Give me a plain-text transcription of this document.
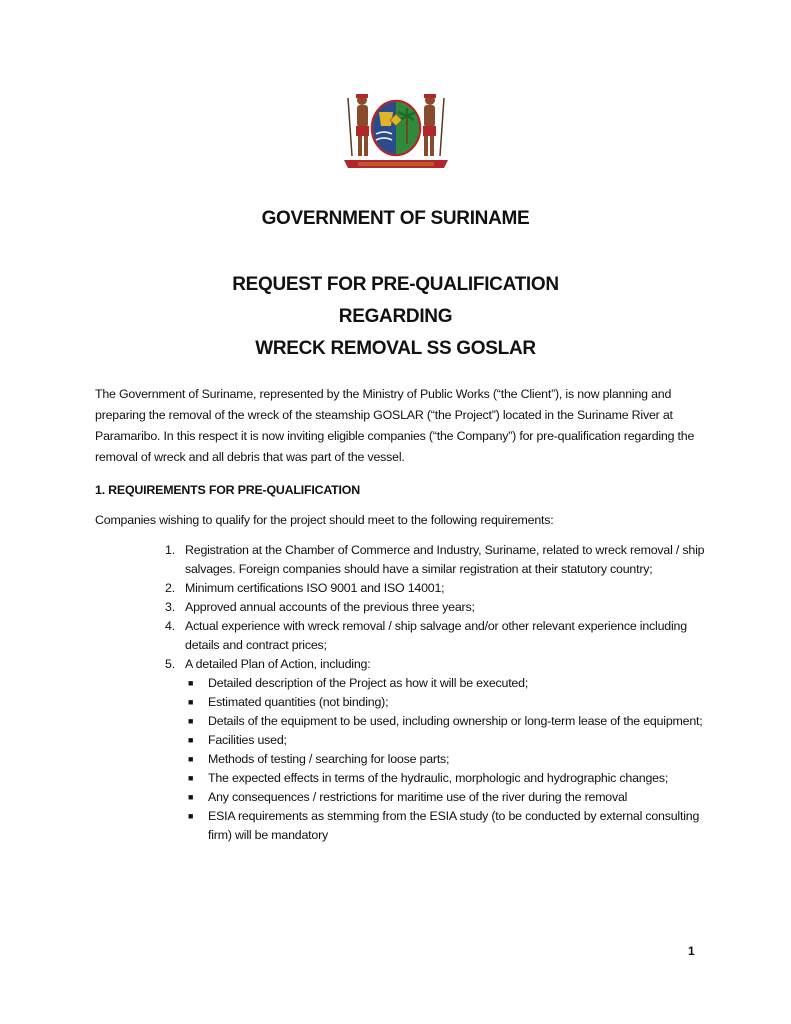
GOVERNMENT OF SURINAME
REQUEST FOR PRE-QUALIFICATION
REGARDING
WRECK REMOVAL SS GOSLAR

The Government of Suriname, represented by the Ministry of Public Works (“the Client”), is now planning and preparing the removal of the wreck of the steamship GOSLAR (“the Project”) located in the Suriname River at Paramaribo. In this respect it is now inviting eligible companies (“the Company”) for pre-qualification regarding the removal of wreck and all debris that was part of the vessel.

1. REQUIREMENTS FOR PRE-QUALIFICATION
Companies wishing to qualify for the project should meet to the following requirements:
1. Registration at the Chamber of Commerce and Industry, Suriname, related to wreck removal / ship salvages. Foreign companies should have a similar registration at their statutory country;
2. Minimum certifications ISO 9001 and ISO 14001;
3. Approved annual accounts of the previous three years;
4. Actual experience with wreck removal / ship salvage and/or other relevant experience including details and contract prices;
5. A detailed Plan of Action, including:
■ Detailed description of the Project as how it will be executed;
■ Estimated quantities (not binding);
■ Details of the equipment to be used, including ownership or long-term lease of the equipment;
■ Facilities used;
■ Methods of testing / searching for loose parts;
■ The expected effects in terms of the hydraulic, morphologic and hydrographic changes;
■ Any consequences / restrictions for maritime use of the river during the removal
■ ESIA requirements as stemming from the ESIA study (to be conducted by external consulting firm) will be mandatory
1
